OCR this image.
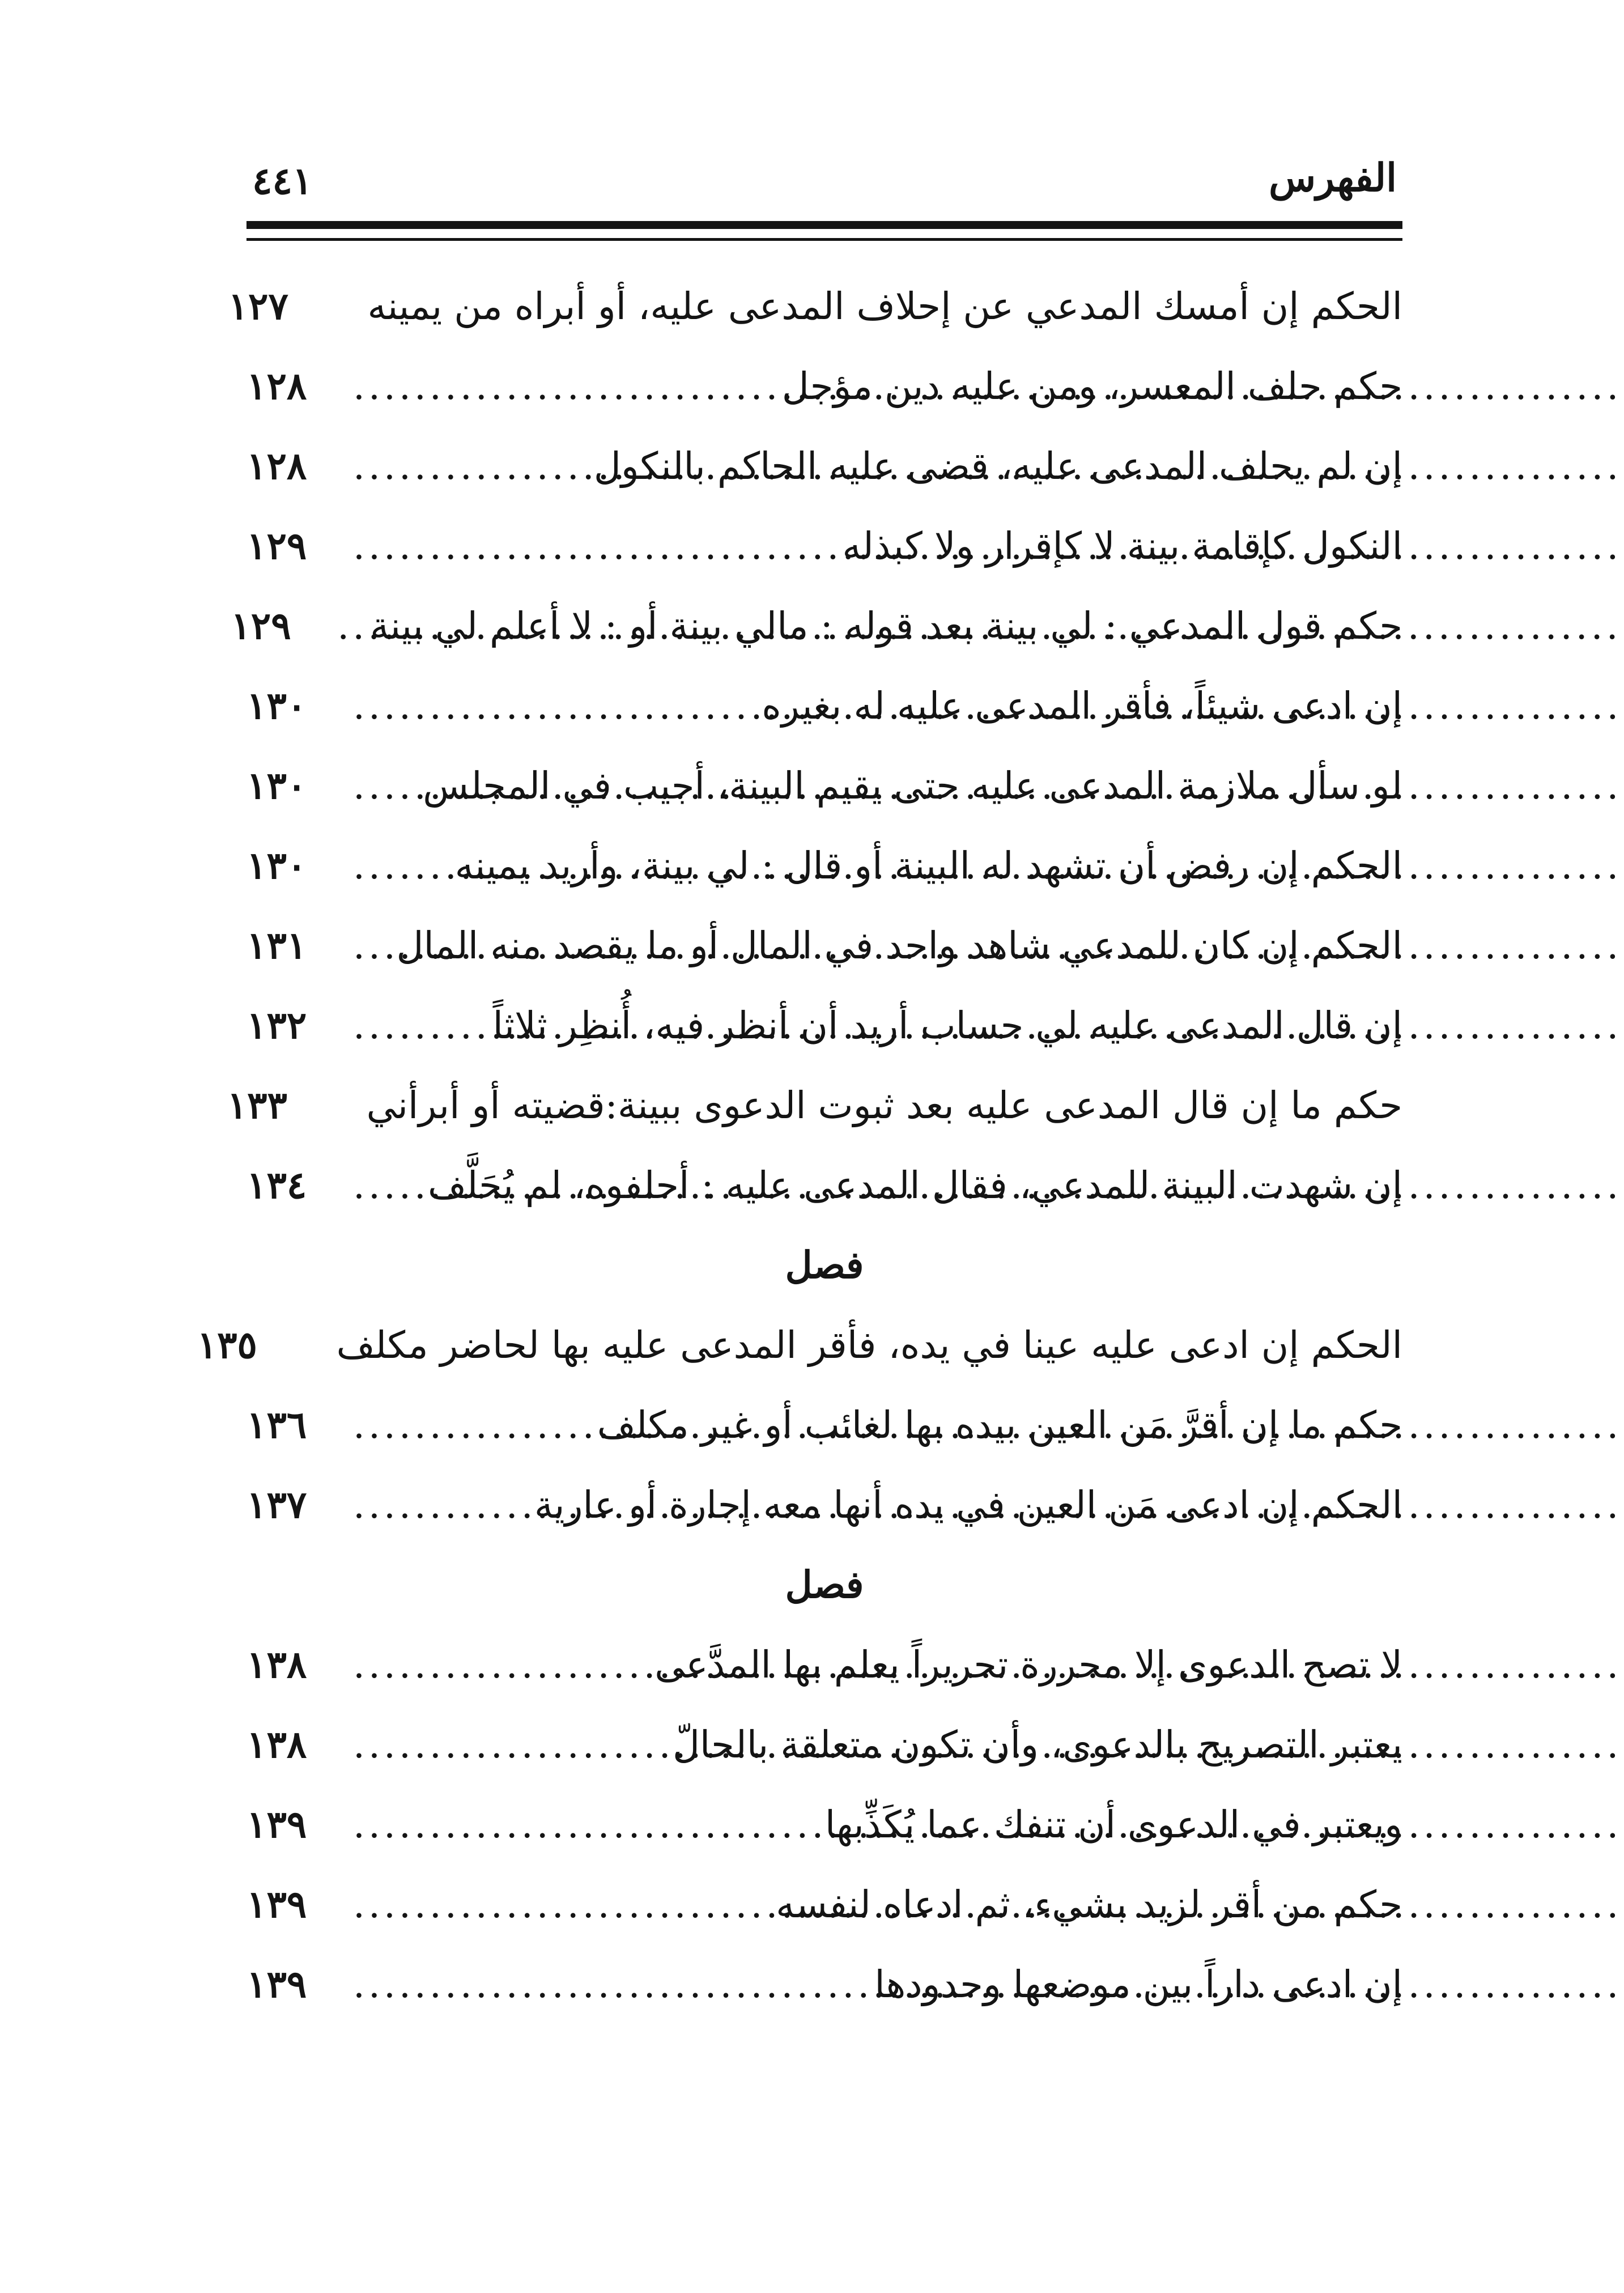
الفهرس
٤٤١
الحكم إن أمسك المدعي عن إحلاف المدعى عليه، أو أبراه من يمينه
١٢٧
حكم حلف المعسر، ومن عليه دين مؤجل
.....
١٢٨
إن لم يحلف المدعى عليه، قضى عليه الحاكم بالنكول
.....
١٢٨
النكول كإقامة بينة لا كإقرار ولا كبذله
.....
١٢٩
حكم قول المدعي : لي بينة بعد قوله : مالي بينة أو : لا أعلم لي بينة
.....
١٢٩
إن ادعى شيئاً، فأقر المدعى عليه له بغيره
.....
١٣٠
لو سأل ملازمة المدعى عليه حتى يقيم البينة، أجيب في المجلس
.....
١٣٠
الحكم إن رفض أن تشهد له البينة أو قال : لي بينة، وأريد يمينه
.....
١٣٠
الحكم إن كان للمدعي شاهد واحد في المال أو ما يقصد منه المال
.....
١٣١
إن قال المدعى عليه لي حساب أريد أن أنظر فيه، أُنظِر ثلاثاً
.....
١٣٢
حكم ما إن قال المدعى عليه بعد ثبوت الدعوى ببينة:قضيته أو أبرأني
١٣٣
إن شهدت البينة للمدعي، فقال المدعى عليه : أحلفوه، لم يُحَلَّف
.....
١٣٤
فصل
الحكم إن ادعى عليه عينا في يده، فأقر المدعى عليه بها لحاضر مكلف
١٣٥
حكم ما إن أقرَّ مَن العين بيده بها لغائب أو غير مكلف
.....
١٣٦
الحكم إن ادعى مَن العين في يده أنها معه إجارة أو عارية
.....
١٣٧
فصل
لا تصح الدعوى إلا محررة تحريراً يعلم بها المدَّعى
.....
١٣٨
يعتبر التصريح بالدعوى، وأن تكون متعلقة بالحالّ
.....
١٣٨
ويعتبر في الدعوى أن تنفك عما يُكَذِّبها
.....
١٣٩
حكم من أقر لزيد بشيء، ثم ادعاه لنفسه
.....
١٣٩
إن ادعى داراً بين موضعها وحدودها
.....
١٣٩
